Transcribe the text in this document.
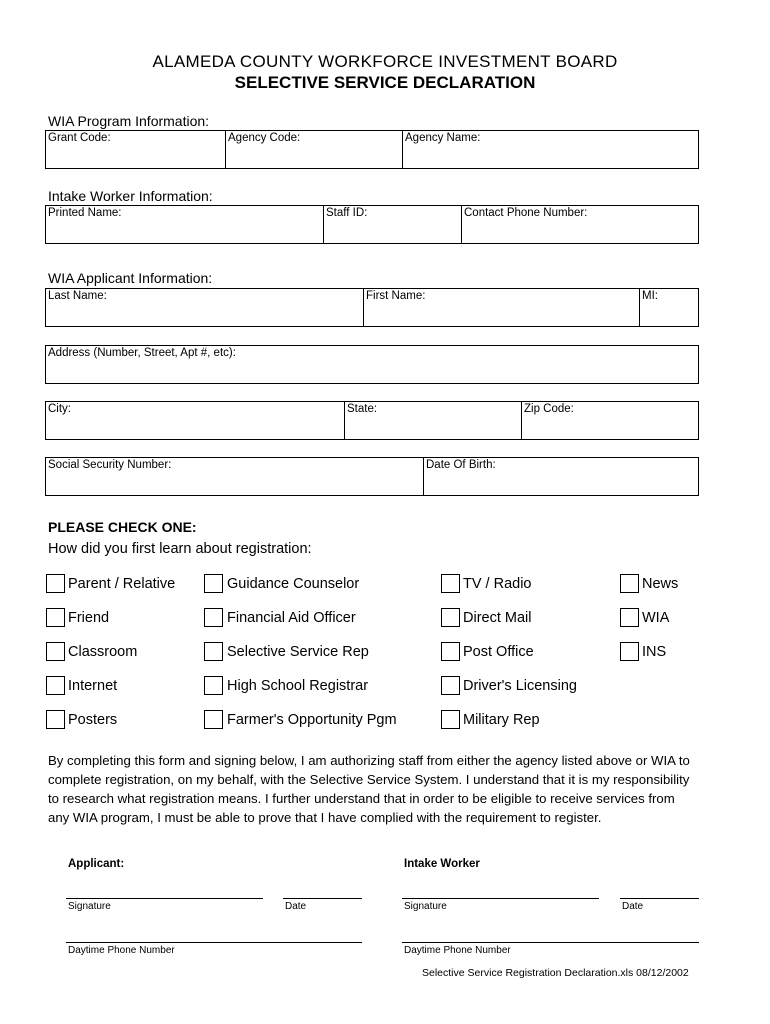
ALAMEDA COUNTY WORKFORCE INVESTMENT BOARD
SELECTIVE SERVICE DECLARATION
WIA Program Information:
Grant Code:	Agency Code:	Agency Name:
Intake Worker Information:
Printed Name:	Staff ID:	Contact Phone Number:
WIA Applicant Information:
Last Name:	First Name:	MI:
Address (Number, Street, Apt #, etc):
City:	State:	Zip Code:
Social Security Number:	Date Of Birth:
PLEASE CHECK ONE:
How did you first learn about registration:
Parent / Relative	Guidance Counselor	TV / Radio	News
Friend	Financial Aid Officer	Direct Mail	WIA
Classroom	Selective Service Rep	Post Office	INS
Internet	High School Registrar	Driver's Licensing
Posters	Farmer's Opportunity Pgm	Military Rep
By completing this form and signing below, I am authorizing staff from either the agency listed above or WIA to complete registration, on my behalf, with the Selective Service System. I understand that it is my responsibility to research what registration means. I further understand that in order to be eligible to receive services from any WIA program, I must be able to prove that I have complied with the requirement to register.
Applicant:	Intake Worker
Signature	Date	Signature	Date
Daytime Phone Number	Daytime Phone Number
Selective Service Registration Declaration.xls 08/12/2002
